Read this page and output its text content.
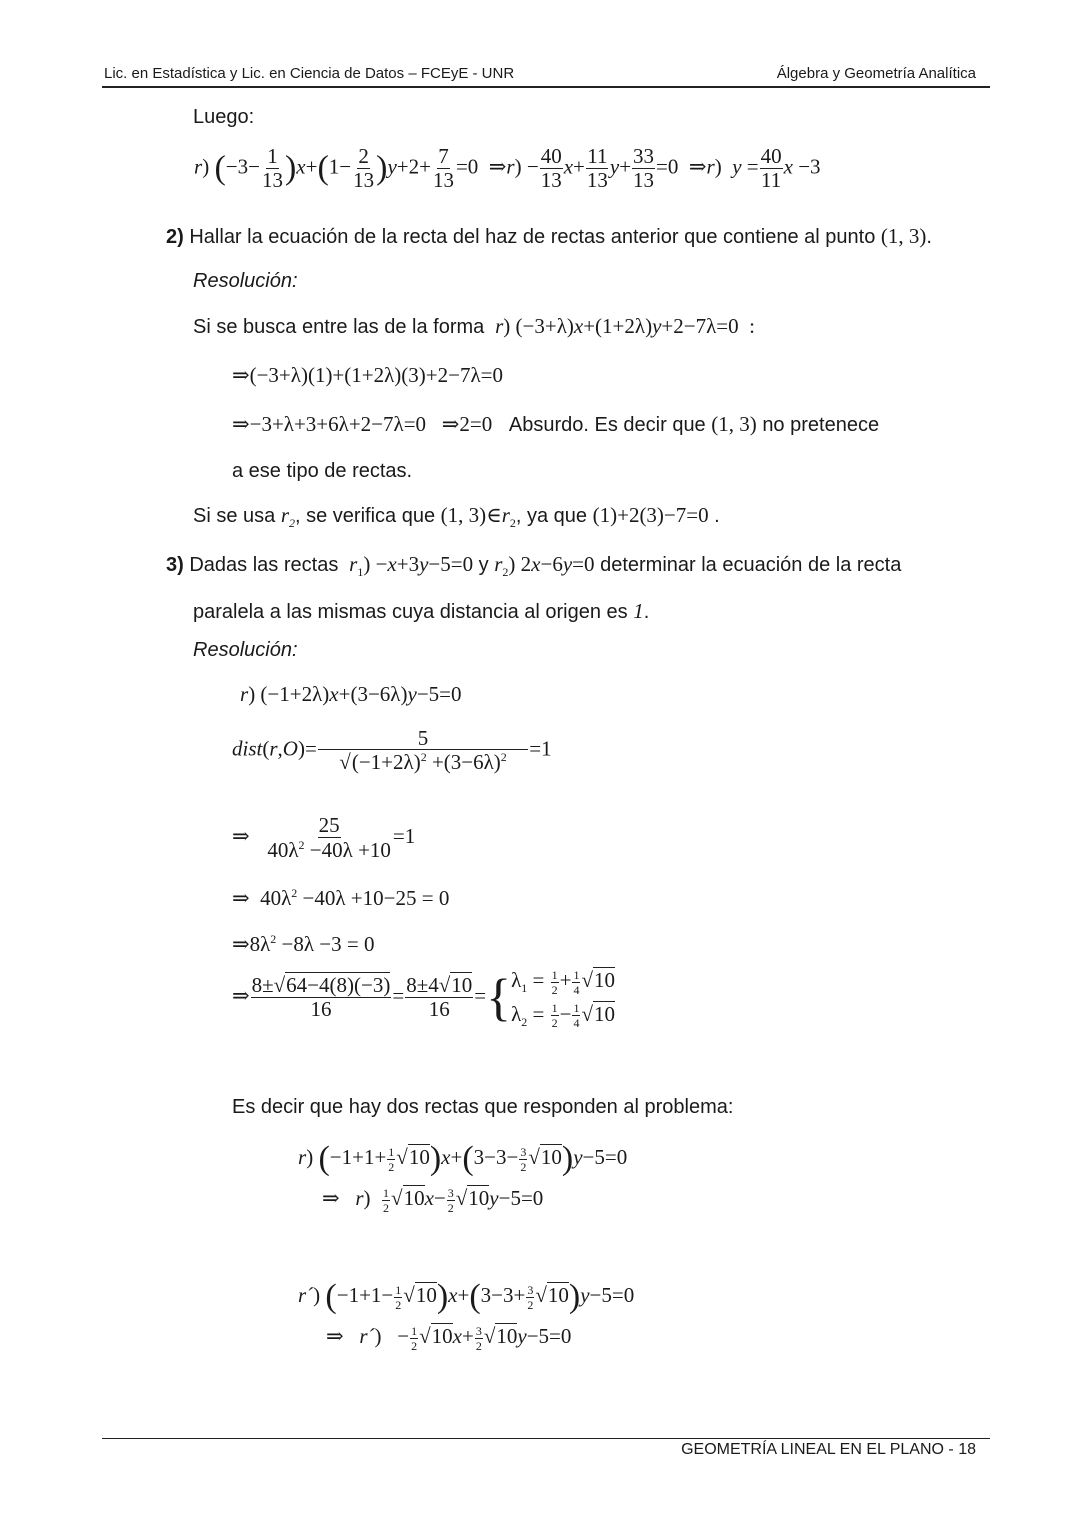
Lic. en Estadística y Lic. en Ciencia de Datos – FCEyE - UNR	Álgebra y Geometría Analítica
Luego:
r) $(-3- \frac{1}{13} )x+(1- \frac{2}{13} )y+2+ \frac{7}{13} =0$  ⇒r) − $\frac{40}{13} x+ \frac{11}{13} y+ \frac{33}{13} =0$  ⇒r)  $y = \frac{40}{11}$ x −3
2) Hallar la ecuación de la recta del haz de rectas anterior que contiene al punto (1, 3).
Resolución:
Si se busca entre las de la forma r) (−3+λ)x+(1+2λ)y+2−7λ=0  :
⇒(−3+λ)(1)+(1+2λ)(3)+2−7λ=0
⇒−3+λ+3+6λ+2−7λ=0   ⇒2=0 Absurdo. Es decir que (1, 3) no pretenece
a ese tipo de rectas.
Si se usa $r_2$, se verifica que (1, $3)\in r_2$, ya que (1)+2(3)−7=0 .
3) Dadas las rectas $r_1) -x+3y-5=0$ y $r_2$) 2x−6y=0 determinar la ecuación de la recta
paralela a las mismas cuya distancia al origen es 1.
Resolución:
r) (−1+2λ)x+(3−6λ)y−5=0
dist(r,O)= $\frac{5}{√(-1+2\lambda)^2 +(3-6\lambda)^2} =1$
⇒ $\frac{25}{40\lambda^2 -40\lambda +10} =1$
⇒  $40\lambda^2 -40\lambda +10-25 = 0$
$\Rightarrow 8\lambda^2 -8\lambda -3 = 0$
⇒ $\frac{8\pm√64-4(8)(-3)}{16} = \frac{8\pm 4√10}{16}$ ={ $\lambda_1 = \frac{1}{2} + \frac{1}{4} √10$
$\lambda_2 = \frac{1}{2} - \frac{1}{4} √10$
Es decir que hay dos rectas que responden al problema:
r) $(-1+1+ \frac{1}{2} √10)x+(3-3- \frac{3}{2} √10)y-5=0$
⇒   $r) \frac{1}{2} √10x- \frac{3}{2} √10y-5=0$
r´) $(-1+1- \frac{1}{2} √10)x+(3-3+ \frac{3}{2} √10)y-5=0$
⇒   r´)   − $\frac{1}{2} √10x+ \frac{3}{2} √10y-5=0$
GEOMETRÍA LINEAL EN EL PLANO - 18
